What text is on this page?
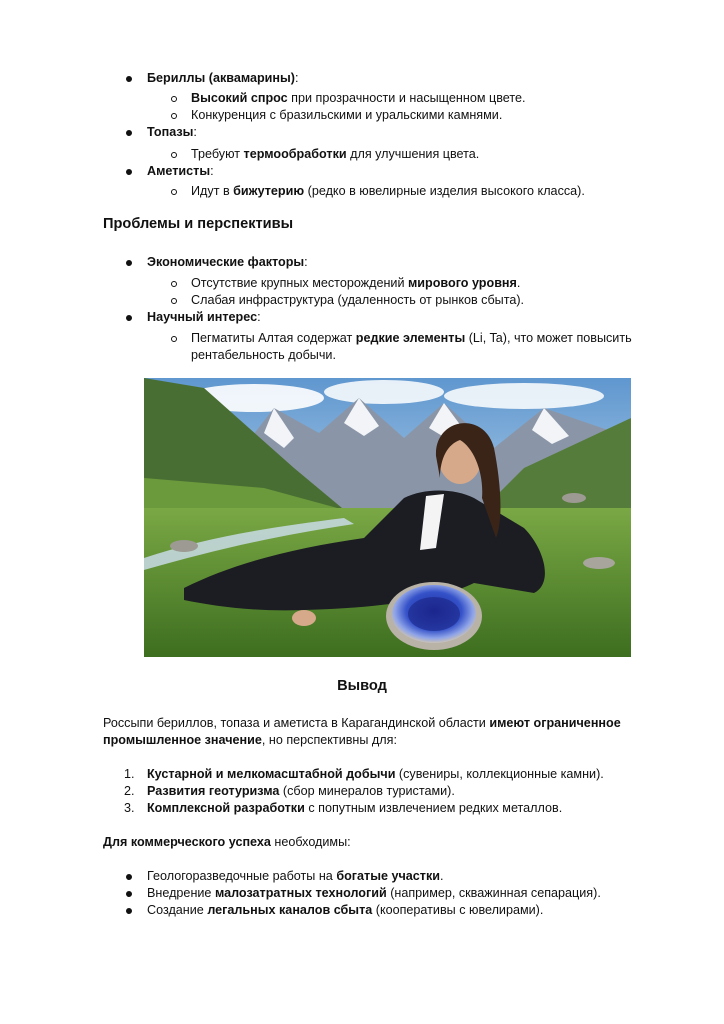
Бериллы (аквамарины):
Высокий спрос при прозрачности и насыщенном цвете.
Конкуренция с бразильскими и уральскими камнями.
Топазы:
Требуют термообработки для улучшения цвета.
Аметисты:
Идут в бижутерию (редко в ювелирные изделия высокого класса).
Проблемы и перспективы
Экономические факторы:
Отсутствие крупных месторождений мирового уровня.
Слабая инфраструктура (удаленность от рынков сбыта).
Научный интерес:
Пегматиты Алтая содержат редкие элементы (Li, Ta), что может повысить
рентабельность добычи.
Вывод
Россыпи бериллов, топаза и аметиста в Карагандинской области имеют ограниченное
промышленное значение, но перспективны для:
1. Кустарной и мелкомасштабной добычи (сувениры, коллекционные камни).
2. Развития геотуризма (сбор минералов туристами).
3. Комплексной разработки с попутным извлечением редких металлов.
Для коммерческого успеха необходимы:
Геологоразведочные работы на богатые участки.
Внедрение малозатратных технологий (например, скважинная сепарация).
Создание легальных каналов сбыта (кооперативы с ювелирами).
